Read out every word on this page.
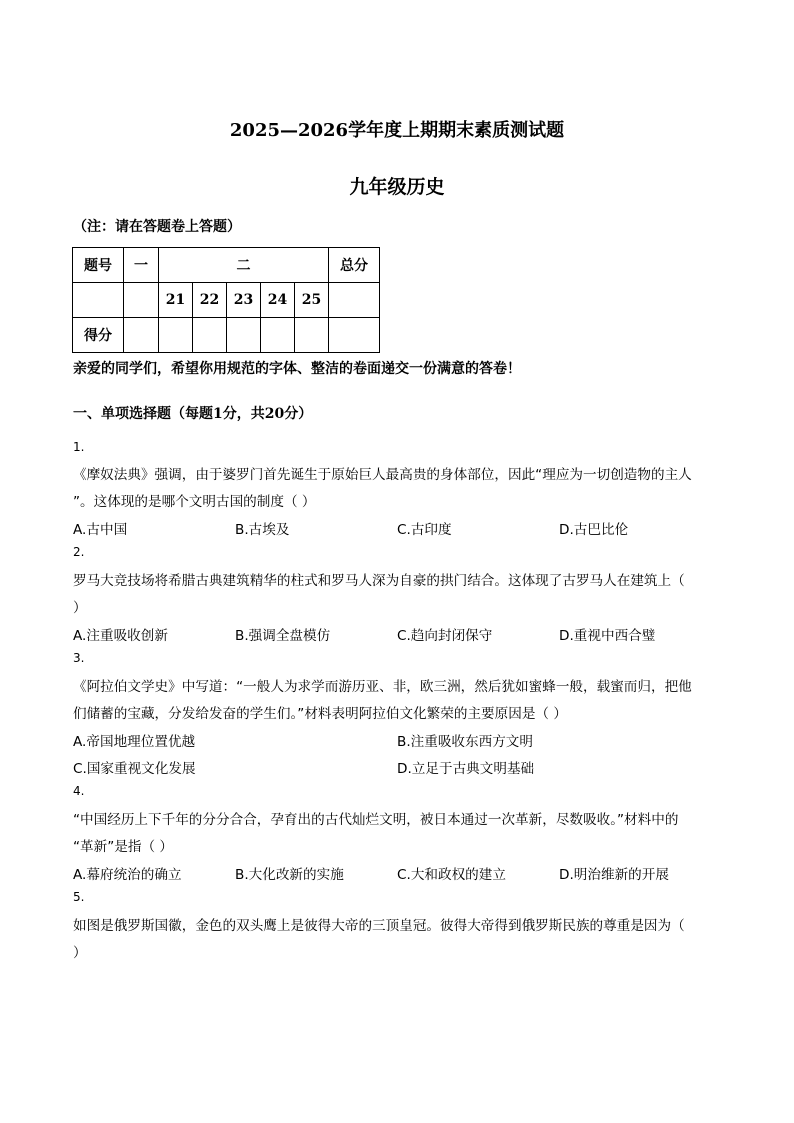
2025—2026学年度上期期末素质测试题
九年级历史
（注：请在答题卷上答题）
题号	一	二					总分
		21	22	23	24	25	
得分							
亲爱的同学们，希望你用规范的字体、整洁的卷面递交一份满意的答卷！
一、单项选择题（每题1分，共20分）
1.
《摩奴法典》强调，由于婆罗门首先诞生于原始巨人最高贵的身体部位，因此“理应为一切创造物的主人
”。这体现的是哪个文明古国的制度（ ）
A.古中国	B.古埃及	C.古印度	D.古巴比伦
2.
罗马大竞技场将希腊古典建筑精华的柱式和罗马人深为自豪的拱门结合。这体现了古罗马人在建筑上（
）
A.注重吸收创新	B.强调全盘模仿	C.趋向封闭保守	D.重视中西合璧
3.
《阿拉伯文学史》中写道：“一般人为求学而游历亚、非，欧三洲，然后犹如蜜蜂一般，载蜜而归，把他
们储蓄的宝藏，分发给发奋的学生们。”材料表明阿拉伯文化繁荣的主要原因是（ ）
A.帝国地理位置优越	B.注重吸收东西方文明
C.国家重视文化发展	D.立足于古典文明基础
4.
“中国经历上下千年的分分合合，孕育出的古代灿烂文明，被日本通过一次革新，尽数吸收。”材料中的
“革新”是指（ ）
A.幕府统治的确立	B.大化改新的实施	C.大和政权的建立	D.明治维新的开展
5.
如图是俄罗斯国徽，金色的双头鹰上是彼得大帝的三顶皇冠。彼得大帝得到俄罗斯民族的尊重是因为（
）
